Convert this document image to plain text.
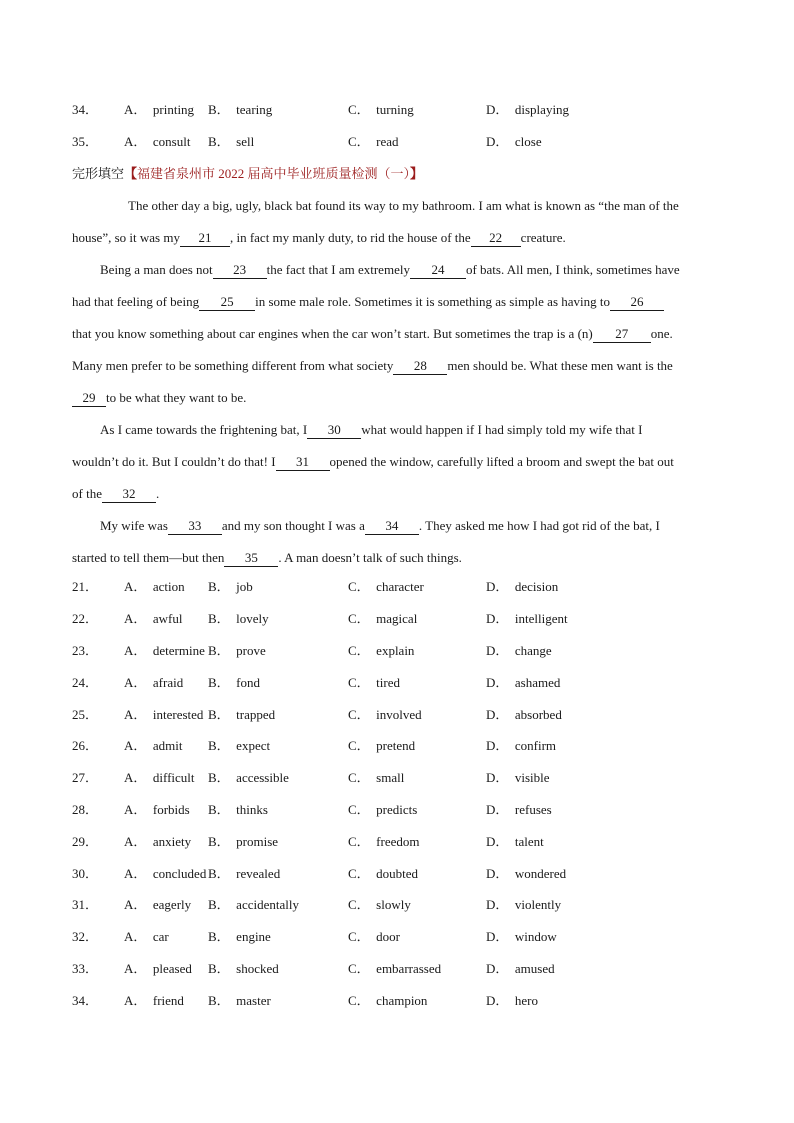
34 ．	A． printing	B． tearing	C． turning	D． displaying
35 ．	A． consult	B． sell	C． read	D． close
完形填空【福建省泉州市 2022 届高中毕业班质量检测（一）】
The other day a big, ugly, black bat found its way to my bathroom. I am what is known as “the man of the
house”, so it was my 21 , in fact my manly duty, to rid the house of the 22 creature.
Being a man does not 23 the fact that I am extremely 24 of bats. All men, I think, sometimes have
had that feeling of being 25 in some male role. Sometimes it is something as simple as having to 26
that you know something about car engines when the car won’t start. But sometimes the trap is a (n) 27 one.
Many men prefer to be something different from what society 28 men should be. What these men want is the
29 to be what they want to be.
As I came towards the frightening bat, I 30 what would happen if I had simply told my wife that I
wouldn’t do it. But I couldn’t do that! I 31 opened the window, carefully lifted a broom and swept the bat out
of the 32 .
My wife was 33 and my son thought I was a 34 . They asked me how I had got rid of the bat, I
started to tell them—but then 35 . A man doesn’t talk of such things.
21 ．	A． action	B． job	C． character	D． decision
22 ．	A． awful	B． lovely	C． magical	D． intelligent
23 ．	A． determine	B． prove	C． explain	D． change
24 ．	A． afraid	B． fond	C． tired	D． ashamed
25 ．	A． interested	B． trapped	C． involved	D． absorbed
26 ．	A． admit	B． expect	C． pretend	D． confirm
27 ．	A． difficult	B． accessible	C． small	D． visible
28 ．	A． forbids	B． thinks	C． predicts	D． refuses
29 ．	A． anxiety	B． promise	C． freedom	D． talent
30 ．	A． concluded	B． revealed	C． doubted	D． wondered
31 ．	A． eagerly	B． accidentally	C． slowly	D． violently
32 ．	A． car	B． engine	C． door	D． window
33 ．	A． pleased	B． shocked	C． embarrassed	D． amused
34 ．	A． friend	B． master	C． champion	D． hero
